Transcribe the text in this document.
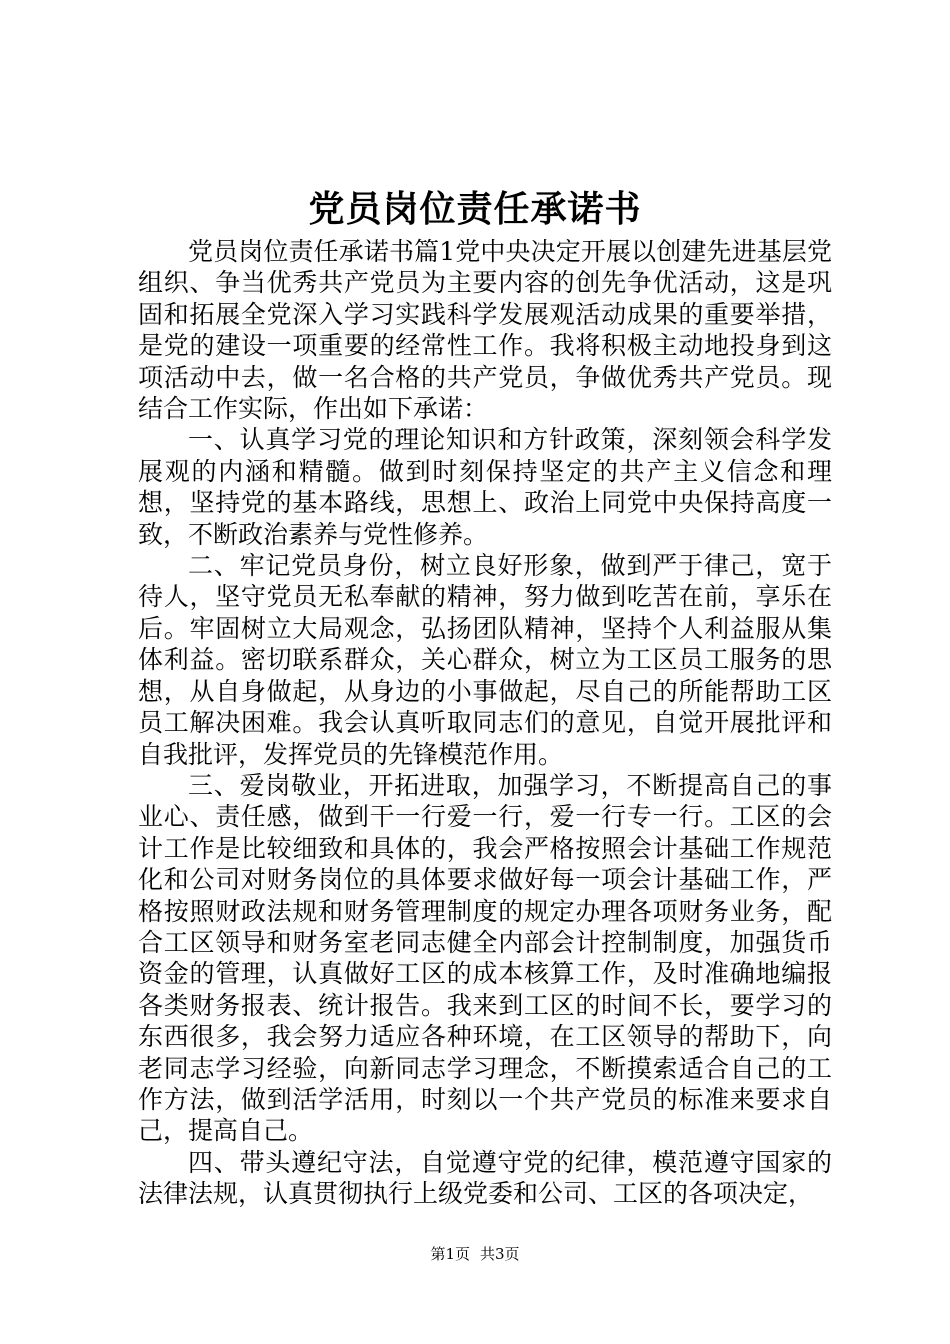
党员岗位责任承诺书

党员岗位责任承诺书篇1党中央决定开展以创建先进基层党组织、争当优秀共产党员为主要内容的创先争优活动，这是巩固和拓展全党深入学习实践科学发展观活动成果的重要举措，是党的建设一项重要的经常性工作。我将积极主动地投身到这项活动中去，做一名合格的共产党员，争做优秀共产党员。现结合工作实际，作出如下承诺：

一、认真学习党的理论知识和方针政策，深刻领会科学发展观的内涵和精髓。做到时刻保持坚定的共产主义信念和理想，坚持党的基本路线，思想上、政治上同党中央保持高度一致，不断政治素养与党性修养。

二、牢记党员身份，树立良好形象，做到严于律己，宽于待人，坚守党员无私奉献的精神，努力做到吃苦在前，享乐在后。牢固树立大局观念，弘扬团队精神，坚持个人利益服从集体利益。密切联系群众，关心群众，树立为工区员工服务的思想，从自身做起，从身边的小事做起，尽自己的所能帮助工区员工解决困难。我会认真听取同志们的意见，自觉开展批评和自我批评，发挥党员的先锋模范作用。

三、爱岗敬业，开拓进取，加强学习，不断提高自己的事业心、责任感，做到干一行爱一行，爱一行专一行。工区的会计工作是比较细致和具体的，我会严格按照会计基础工作规范化和公司对财务岗位的具体要求做好每一项会计基础工作，严格按照财政法规和财务管理制度的规定办理各项财务业务，配合工区领导和财务室老同志健全内部会计控制制度，加强货币资金的管理，认真做好工区的成本核算工作，及时准确地编报各类财务报表、统计报告。我来到工区的时间不长，要学习的东西很多，我会努力适应各种环境，在工区领导的帮助下，向老同志学习经验，向新同志学习理念，不断摸索适合自己的工作方法，做到活学活用，时刻以一个共产党员的标准来要求自己，提高自己。

四、带头遵纪守法，自觉遵守党的纪律，模范遵守国家的法律法规，认真贯彻执行上级党委和公司、工区的各项决定，

第1页 共3页
